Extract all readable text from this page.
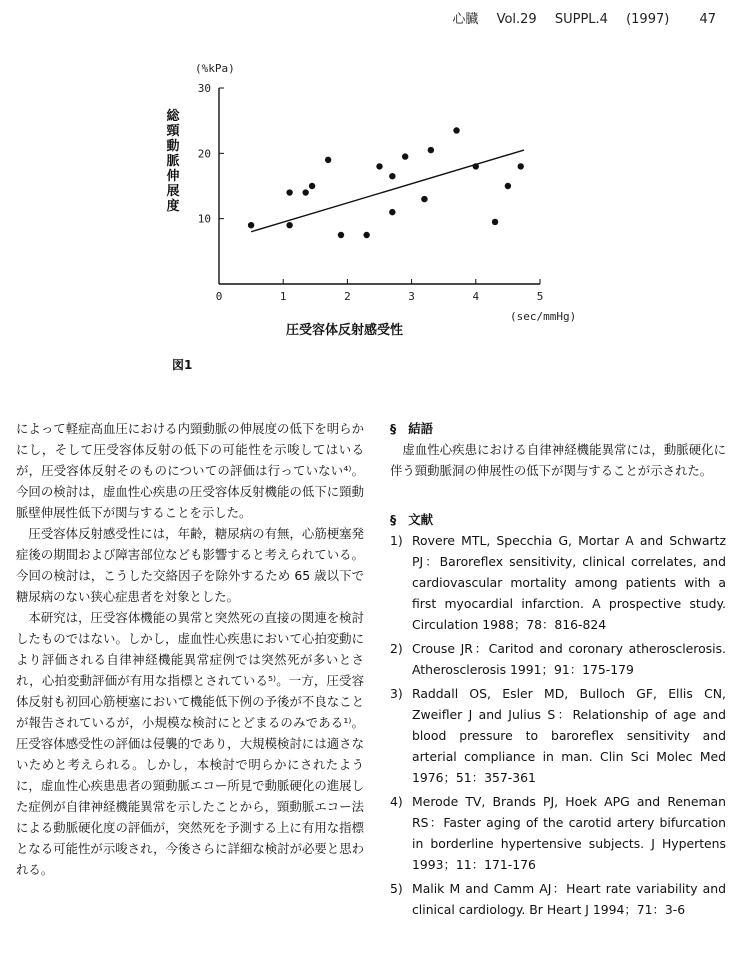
心臓 Vol.29 SUPPL.4 (1997) 47
(%kPa)
総頸動脈伸展度
0	1	2	3	4	5
10
20
30
(sec/mmHg)
圧受容体反射感受性
図1

によって軽症高血圧における内頸動脈の伸展度の低下を明らかにし，そして圧受容体反射の低下の可能性を示唆してはいるが，圧受容体反射そのものについての評価は行っていない⁴⁾。今回の検討は，虚血性心疾患の圧受容体反射機能の低下に頸動脈壁伸展性低下が関与することを示した。

圧受容体反射感受性には，年齢，糖尿病の有無，心筋梗塞発症後の期間および障害部位なども影響すると考えられている。今回の検討は，こうした交絡因子を除外するため 65 歳以下で糖尿病のない狭心症患者を対象とした。

本研究は，圧受容体機能の異常と突然死の直接の関連を検討したものではない。しかし，虚血性心疾患において心拍変動により評価される自律神経機能異常症例では突然死が多いとされ，心拍変動評価が有用な指標とされている⁵⁾。一方，圧受容体反射も初回心筋梗塞において機能低下例の予後が不良なことが報告されているが，小規模な検討にとどまるのみである¹⁾。圧受容体感受性の評価は侵襲的であり，大規模検討には適さないためと考えられる。しかし，本検討で明らかにされたように，虚血性心疾患患者の頸動脈エコー所見で動脈硬化の進展した症例が自律神経機能異常を示したことから，頸動脈エコー法による動脈硬化度の評価が，突然死を予測する上に有用な指標となる可能性が示唆され，今後さらに詳細な検討が必要と思われる。

§ 結語

虚血性心疾患における自律神経機能異常には，動脈硬化に伴う頸動脈洞の伸展性の低下が関与することが示された。

§ 文献

1) Rovere MTL, Specchia G, Mortar A and Schwartz PJ：Baroreflex sensitivity, clinical correlates, and cardiovascular mortality among patients with a first myocardial infarction. A prospective study. Circulation 1988；78：816-824
2) Crouse JR：Caritod and coronary atherosclerosis. Atherosclerosis 1991；91：175-179
3) Raddall OS, Esler MD, Bulloch GF, Ellis CN, Zweifler J and Julius S：Relationship of age and blood pressure to baroreflex sensitivity and arterial compliance in man. Clin Sci Molec Med 1976；51：357-361
4) Merode TV, Brands PJ, Hoek APG and Reneman RS：Faster aging of the carotid artery bifurcation in borderline hypertensive subjects. J Hypertens 1993；11：171-176
5) Malik M and Camm AJ：Heart rate variability and clinical cardiology. Br Heart J 1994；71：3-6
